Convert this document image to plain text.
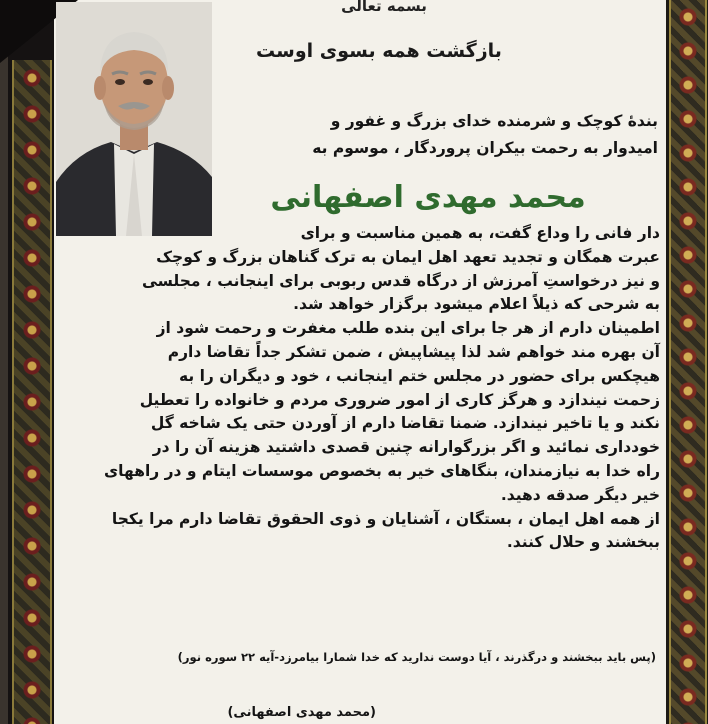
بسمه تعالی
بازگشت همه بسوی اوست
بندهٔ کوچک و شرمنده خدای بزرگ و غفور و
امیدوار به رحمت بیکران پروردگار ، موسوم به
محمد مهدی اصفهانی

دار فانی را وداع گفت، به همین مناسبت و برای

عبرت همگان و تجدید تعهد اهل ایمان به ترک گناهان بزرگ و کوچک

و نیز درخواستِ آمرزش از درگاه قدس ربوبی برای اینجانب ، مجلسی

به شرحی که ذیلاً اعلام میشود برگزار خواهد شد.

اطمینان دارم از هر جا برای این بنده طلب مغفرت و رحمت شود از

آن بهره مند خواهم شد لذا پیشاپیش ، ضمن تشکر جداً تقاضا دارم

هیچکس برای حضور در مجلس ختم اینجانب ، خود و دیگران را به

زحمت نیندازد و هرگز کاری از امور ضروری مردم و خانواده را تعطیل

نکند و یا تاخیر نیندازد. ضمنا تقاضا دارم از آوردن حتی یک شاخه گل

خودداری نمائید و اگر بزرگوارانه چنین قصدی داشتید هزینه آن را در

راه خدا به نیازمندان، بنگاهای خیر به بخصوص موسسات ایتام و در راههای

خیر دیگر صدقه دهید.

از همه اهل ایمان ، بستگان ، آشنایان و ذوی الحقوق تقاضا دارم مرا یکجا

ببخشند و حلال کنند.

(پس باید ببخشند و درگذرند ، آیا دوست ندارید که خدا شمارا بیامرزد-آیه ۲۲ سوره نور)
(محمد مهدی اصفهانی)
